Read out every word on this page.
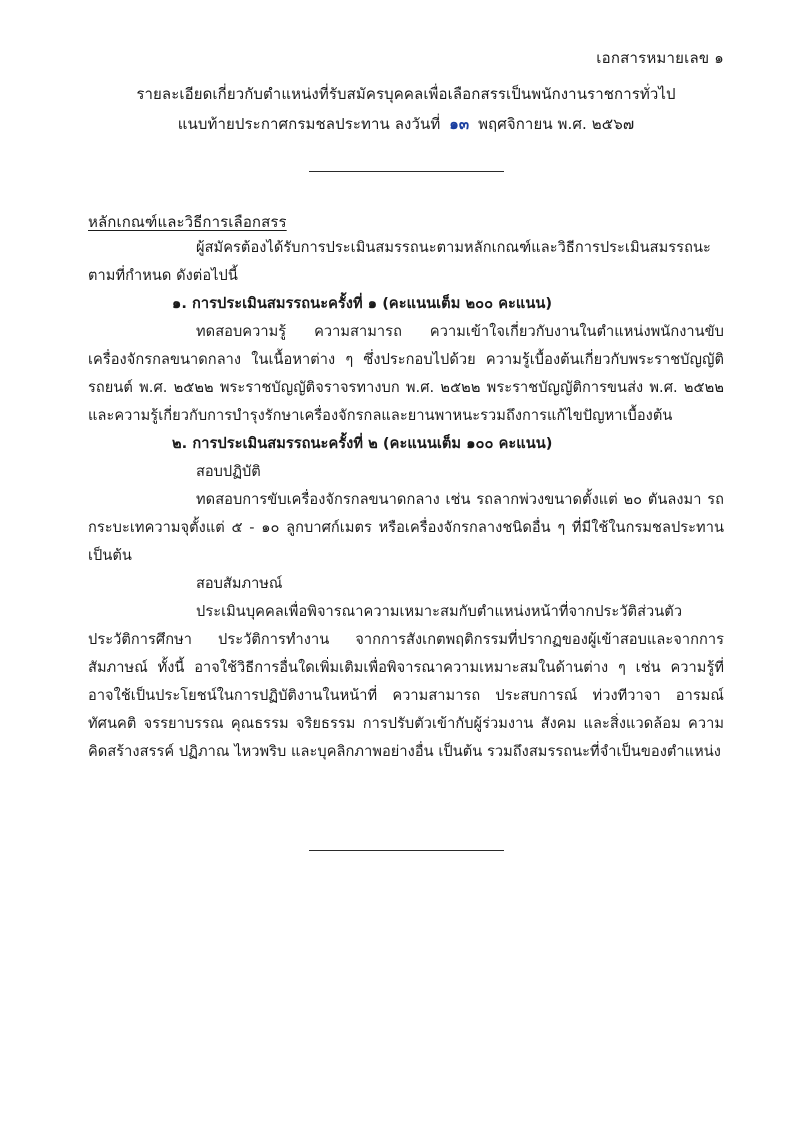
เอกสารหมายเลข ๑
รายละเอียดเกี่ยวกับตำแหน่งที่รับสมัครบุคคลเพื่อเลือกสรรเป็นพนักงานราชการทั่วไป
แนบท้ายประกาศกรมชลประทาน ลงวันที่ ๑๓ พฤศจิกายน พ.ศ. ๒๕๖๗
หลักเกณฑ์และวิธีการเลือกสรร

ผู้สมัครต้องได้รับการประเมินสมรรถนะตามหลักเกณฑ์และวิธีการประเมินสมรรถนะตามที่กำหนด ดังต่อไปนี้

๑. การประเมินสมรรถนะครั้งที่ ๑ (คะแนนเต็ม ๒๐๐ คะแนน)

ทดสอบความรู้ ความสามารถ ความเข้าใจเกี่ยวกับงานในตำแหน่งพนักงานขับเครื่องจักรกลขนาดกลาง ในเนื้อหาต่าง ๆ ซึ่งประกอบไปด้วย ความรู้เบื้องต้นเกี่ยวกับพระราชบัญญัติรถยนต์ พ.ศ. ๒๕๒๒ พระราชบัญญัติจราจรทางบก พ.ศ. ๒๕๒๒ พระราชบัญญัติการขนส่ง พ.ศ. ๒๕๒๒ และความรู้เกี่ยวกับการบำรุงรักษาเครื่องจักรกลและยานพาหนะรวมถึงการแก้ไขปัญหาเบื้องต้น

๒. การประเมินสมรรถนะครั้งที่ ๒ (คะแนนเต็ม ๑๐๐ คะแนน)

สอบปฏิบัติ

ทดสอบการขับเครื่องจักรกลขนาดกลาง เช่น รถลากพ่วงขนาดตั้งแต่ ๒๐ ตันลงมา รถกระบะเทความจุตั้งแต่ ๕ - ๑๐ ลูกบาศก์เมตร หรือเครื่องจักรกลางชนิดอื่น ๆ ที่มีใช้ในกรมชลประทาน เป็นต้น

สอบสัมภาษณ์

ประเมินบุคคลเพื่อพิจารณาความเหมาะสมกับตำแหน่งหน้าที่จากประวัติส่วนตัว ประวัติการศึกษา ประวัติการทำงาน จากการสังเกตพฤติกรรมที่ปรากฏของผู้เข้าสอบและจากการสัมภาษณ์ ทั้งนี้ อาจใช้วิธีการอื่นใดเพิ่มเติมเพื่อพิจารณาความเหมาะสมในด้านต่าง ๆ เช่น ความรู้ที่อาจใช้เป็นประโยชน์ในการปฏิบัติงานในหน้าที่ ความสามารถ ประสบการณ์ ท่วงทีวาจา อารมณ์ ทัศนคติ จรรยาบรรณ คุณธรรม จริยธรรม การปรับตัวเข้ากับผู้ร่วมงาน สังคม และสิ่งแวดล้อม ความคิดสร้างสรรค์ ปฏิภาณ ไหวพริบ และบุคลิกภาพอย่างอื่น เป็นต้น รวมถึงสมรรถนะที่จำเป็นของตำแหน่ง
